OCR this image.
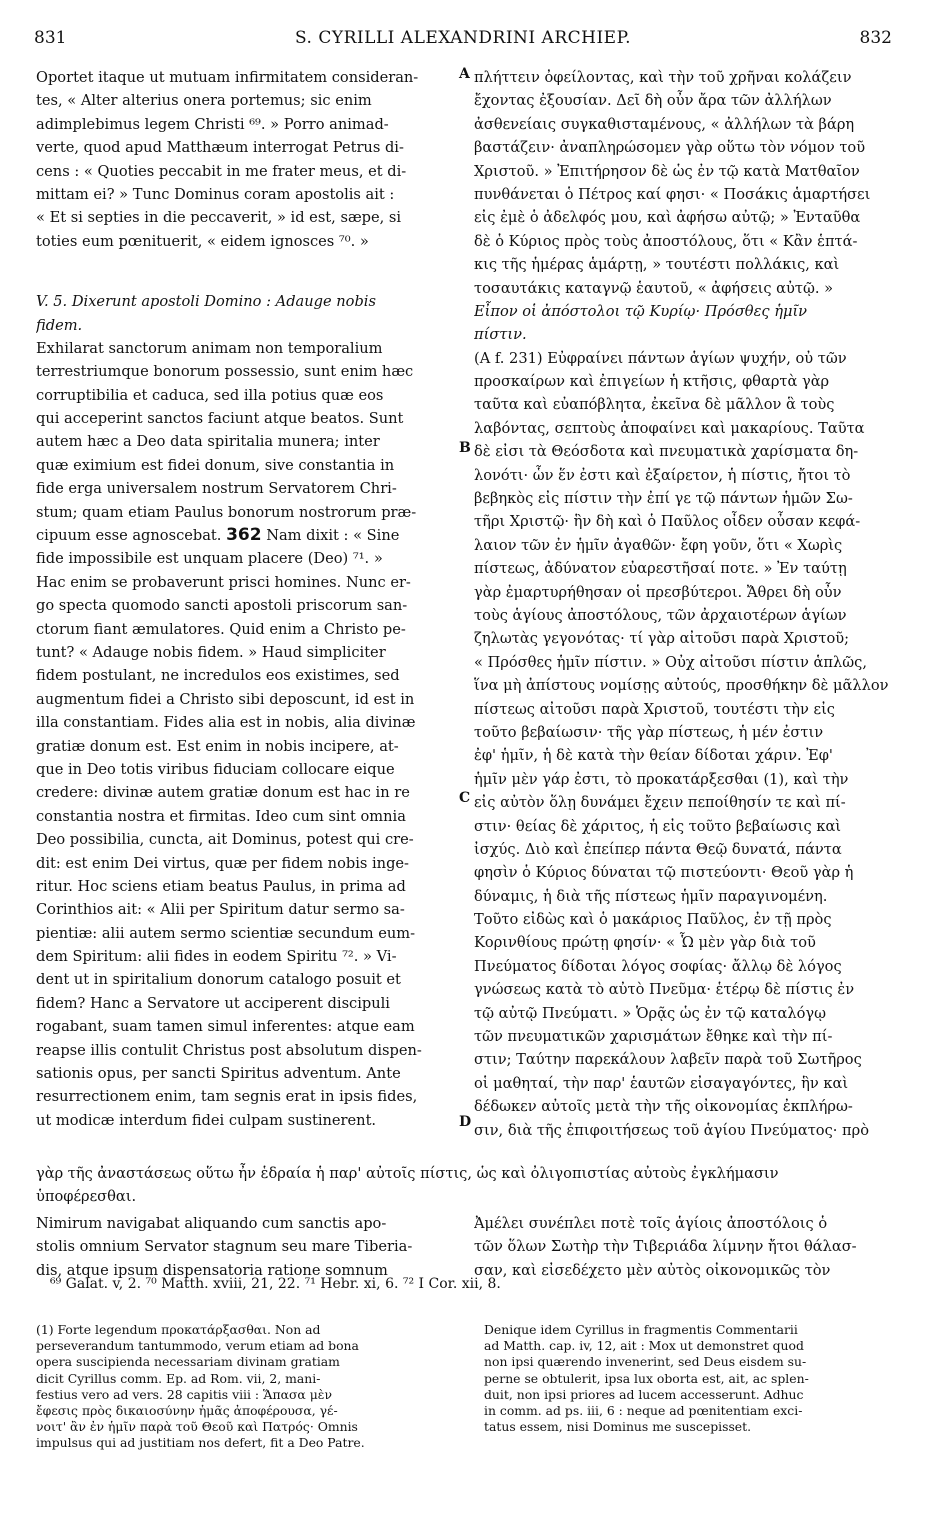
831	S. CYRILLI ALEXANDRINI ARCHIEP.	832
A
B
C
D
Oportet itaque ut mutuam infirmitatem consideran-
tes, « Alter alterius onera portemus; sic enim
adimplebimus legem Christi ⁶⁹. » Porro animad-
verte, quod apud Matthæum interrogat Petrus di-
cens : « Quoties peccabit in me frater meus, et di-
mittam ei? » Tunc Dominus coram apostolis ait :
« Et si septies in die peccaverit, » id est, sæpe, si
toties eum pœnituerit, « eidem ignosces ⁷⁰. »
V. 5. Dixerunt apostoli Domino : Adauge nobis
fidem.
Exhilarat sanctorum animam non temporalium
terrestriumque bonorum possessio, sunt enim hæc
corruptibilia et caduca, sed illa potius quæ eos
qui acceperint sanctos faciunt atque beatos. Sunt
autem hæc a Deo data spiritalia munera; inter
quæ eximium est fidei donum, sive constantia in
fide erga universalem nostrum Servatorem Chri-
stum; quam etiam Paulus bonorum nostrorum præ-
cipuum esse agnoscebat. 362 Nam dixit : « Sine
fide impossibile est unquam placere (Deo) ⁷¹. »
Hac enim se probaverunt prisci homines. Nunc er-
go specta quomodo sancti apostoli priscorum san-
ctorum fiant æmulatores. Quid enim a Christo pe-
tunt? « Adauge nobis fidem. » Haud simpliciter
fidem postulant, ne incredulos eos existimes, sed
augmentum fidei a Christo sibi deposcunt, id est in
illa constantiam. Fides alia est in nobis, alia divinæ
gratiæ donum est. Est enim in nobis incipere, at-
que in Deo totis viribus fiduciam collocare eique
credere: divinæ autem gratiæ donum est hac in re
constantia nostra et firmitas. Ideo cum sint omnia
Deo possibilia, cuncta, ait Dominus, potest qui cre-
dit: est enim Dei virtus, quæ per fidem nobis inge-
ritur. Hoc sciens etiam beatus Paulus, in prima ad
Corinthios ait: « Alii per Spiritum datur sermo sa-
pientiæ: alii autem sermo scientiæ secundum eum-
dem Spiritum: alii fides in eodem Spiritu ⁷². » Vi-
dent ut in spiritalium donorum catalogo posuit et
fidem? Hanc a Servatore ut acciperent discipuli
rogabant, suam tamen simul inferentes: atque eam
reapse illis contulit Christus post absolutum dispen-
sationis opus, per sancti Spiritus adventum. Ante
resurrectionem enim, tam segnis erat in ipsis fides,
ut modicæ interdum fidei culpam sustinerent.
πλήττειν ὀφείλοντας, καὶ τὴν τοῦ χρῆναι κολάζειν
ἔχοντας ἐξουσίαν. Δεῖ δὴ οὖν ἄρα τῶν ἀλλήλων
ἀσθενείαις συγκαθισταμένους, « ἀλλήλων τὰ βάρη
βαστάζειν· ἀναπληρώσομεν γὰρ οὕτω τὸν νόμον τοῦ
Χριστοῦ. » Ἐπιτήρησον δὲ ὡς ἐν τῷ κατὰ Ματθαῖον
πυνθάνεται ὁ Πέτρος καί φησι· « Ποσάκις ἁμαρτήσει
εἰς ἐμὲ ὁ ἀδελφός μου, καὶ ἀφήσω αὐτῷ; » Ἐνταῦθα
δὲ ὁ Κύριος πρὸς τοὺς ἀποστόλους, ὅτι « Κἂν ἑπτά-
κις τῆς ἡμέρας ἁμάρτῃ, » τουτέστι πολλάκις, καὶ
τοσαυτάκις καταγνῷ ἑαυτοῦ, « ἀφήσεις αὐτῷ. »
Εἶπον οἱ ἀπόστολοι τῷ Κυρίῳ· Πρόσθες ἡμῖν
πίστιν.
(A f. 231) Εὐφραίνει πάντων ἁγίων ψυχήν, οὐ τῶν
προσκαίρων καὶ ἐπιγείων ἡ κτῆσις, φθαρτὰ γὰρ
ταῦτα καὶ εὐαπόβλητα, ἐκεῖνα δὲ μᾶλλον ἃ τοὺς
λαβόντας, σεπτοὺς ἀποφαίνει καὶ μακαρίους. Ταῦτα
δὲ εἰσι τὰ Θεόσδοτα καὶ πνευματικὰ χαρίσματα δη-
λονότι· ὧν ἕν ἐστι καὶ ἐξαίρετον, ἡ πίστις, ἤτοι τὸ
βεβηκὸς εἰς πίστιν τὴν ἐπί γε τῷ πάντων ἡμῶν Σω-
τῆρι Χριστῷ· ἣν δὴ καὶ ὁ Παῦλος οἶδεν οὖσαν κεφά-
λαιον τῶν ἐν ἡμῖν ἀγαθῶν· ἔφη γοῦν, ὅτι « Χωρὶς
πίστεως, ἀδύνατον εὐαρεστῆσαί ποτε. » Ἐν ταύτῃ
γὰρ ἐμαρτυρήθησαν οἱ πρεσβύτεροι. Ἄθρει δὴ οὖν
τοὺς ἁγίους ἀποστόλους, τῶν ἀρχαιοτέρων ἁγίων
ζηλωτὰς γεγονότας· τί γὰρ αἰτοῦσι παρὰ Χριστοῦ;
« Πρόσθες ἡμῖν πίστιν. » Οὐχ αἰτοῦσι πίστιν ἁπλῶς,
ἵνα μὴ ἀπίστους νομίσῃς αὐτούς, προσθήκην δὲ μᾶλλον
πίστεως αἰτοῦσι παρὰ Χριστοῦ, τουτέστι τὴν εἰς
τοῦτο βεβαίωσιν· τῆς γὰρ πίστεως, ἡ μέν ἐστιν
ἐφ' ἡμῖν, ἡ δὲ κατὰ τὴν θείαν δίδοται χάριν. Ἐφ'
ἡμῖν μὲν γάρ ἐστι, τὸ προκατάρξεσθαι (1), καὶ τὴν
εἰς αὐτὸν ὅλῃ δυνάμει ἔχειν πεποίθησίν τε καὶ πί-
στιν· θείας δὲ χάριτος, ἡ εἰς τοῦτο βεβαίωσις καὶ
ἰσχύς. Διὸ καὶ ἐπείπερ πάντα Θεῷ δυνατά, πάντα
φησὶν ὁ Κύριος δύναται τῷ πιστεύοντι· Θεοῦ γὰρ ἡ
δύναμις, ἡ διὰ τῆς πίστεως ἡμῖν παραγινομένη.
Τοῦτο εἰδὼς καὶ ὁ μακάριος Παῦλος, ἐν τῇ πρὸς
Κορινθίους πρώτῃ φησίν· « Ὧ μὲν γὰρ διὰ τοῦ
Πνεύματος δίδοται λόγος σοφίας· ἄλλῳ δὲ λόγος
γνώσεως κατὰ τὸ αὐτὸ Πνεῦμα· ἑτέρῳ δὲ πίστις ἐν
τῷ αὐτῷ Πνεύματι. » Ὁρᾷς ὡς ἐν τῷ καταλόγῳ
τῶν πνευματικῶν χαρισμάτων ἔθηκε καὶ τὴν πί-
στιν; Ταύτην παρεκάλουν λαβεῖν παρὰ τοῦ Σωτῆρος
οἱ μαθηταί, τὴν παρ' ἑαυτῶν εἰσαγαγόντες, ἣν καὶ
δέδωκεν αὐτοῖς μετὰ τὴν τῆς οἰκονομίας ἐκπλήρω-
σιν, διὰ τῆς ἐπιφοιτήσεως τοῦ ἁγίου Πνεύματος· πρὸ
γὰρ τῆς ἀναστάσεως οὕτω ἦν ἑδραία ἡ παρ' αὐτοῖς πίστις, ὡς καὶ ὀλιγοπιστίας αὐτοὺς ἐγκλήμασιν
ὑποφέρεσθαι.
Nimirum navigabat aliquando cum sanctis apo-
stolis omnium Servator stagnum seu mare Tiberia-
dis, atque ipsum dispensatoria ratione somnum
Ἀμέλει συνέπλει ποτὲ τοῖς ἁγίοις ἀποστόλοις ὁ
τῶν ὅλων Σωτὴρ τὴν Τιβεριάδα λίμνην ἤτοι θάλασ-
σαν, καὶ εἰσεδέχετο μὲν αὐτὸς οἰκονομικῶς τὸν
⁶⁹ Galat. v, 2. ⁷⁰ Matth. xviii, 21, 22. ⁷¹ Hebr. xi, 6. ⁷² I Cor. xii, 8.
(1) Forte legendum προκατάρξασθαι. Non ad
perseverandum tantummodo, verum etiam ad bona
opera suscipienda necessariam divinam gratiam
dicit Cyrillus comm. Ep. ad Rom. vii, 2, mani-
festius vero ad vers. 28 capitis viii : Ἅπασα μὲν
ἔφεσις πρὸς δικαιοσύνην ἡμᾶς ἀποφέρουσα, γέ-
νοιτ' ἂν ἐν ἡμῖν παρὰ τοῦ Θεοῦ καὶ Πατρός· Omnis
impulsus qui ad justitiam nos defert, fit a Deo Patre.
Denique idem Cyrillus in fragmentis Commentarii
ad Matth. cap. iv, 12, ait : Mox ut demonstret quod
non ipsi quærendo invenerint, sed Deus eisdem su-
perne se obtulerit, ipsa lux oborta est, ait, ac splen-
duit, non ipsi priores ad lucem accesserunt. Adhuc
in comm. ad ps. iii, 6 : neque ad pœnitentiam exci-
tatus essem, nisi Dominus me suscepisset.
